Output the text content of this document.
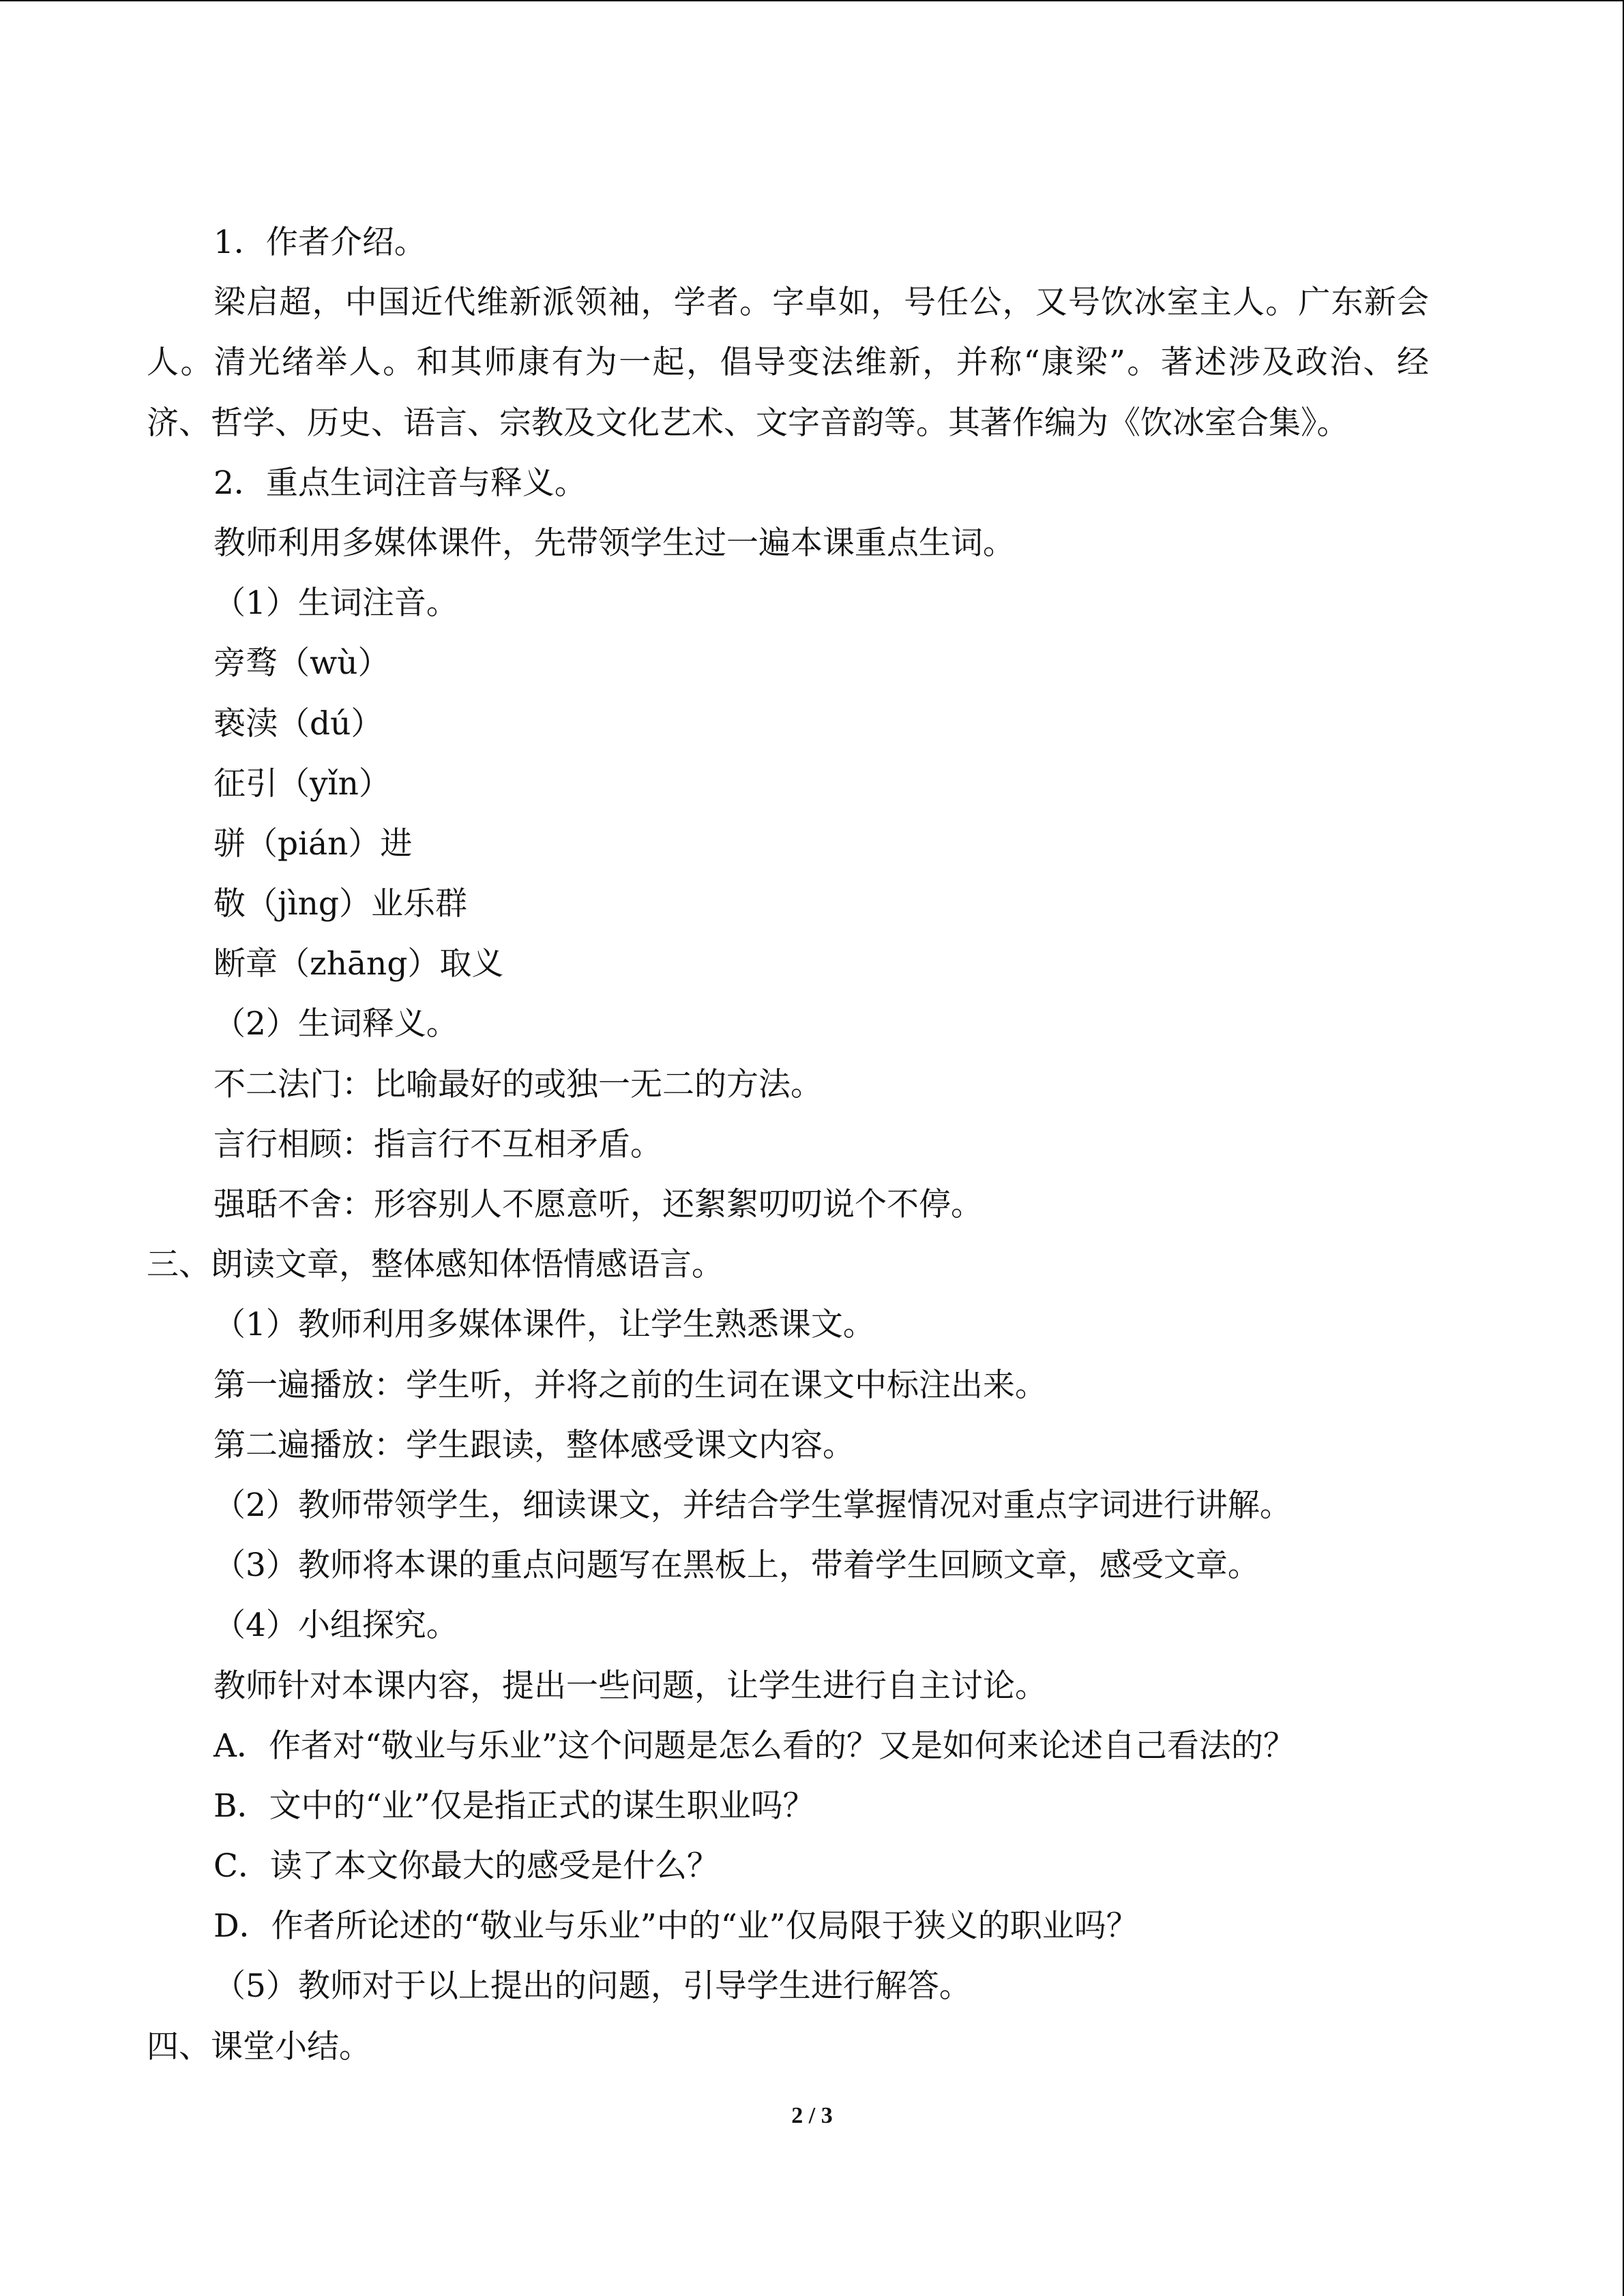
1．作者介绍。

梁启超，中国近代维新派领袖，学者。字卓如，号任公，又号饮冰室主人。广东新会人。清光绪举人。和其师康有为一起，倡导变法维新，并称“康梁”。著述涉及政治、经济、哲学、历史、语言、宗教及文化艺术、文字音韵等。其著作编为《饮冰室合集》。

2．重点生词注音与释义。

教师利用多媒体课件，先带领学生过一遍本课重点生词。

（1）生词注音。

旁骛（wù）

亵渎（dú）

征引（yǐn）

骈（pián）进

敬（jìng）业乐群

断章（zhāng）取义

（2）生词释义。

不二法门：比喻最好的或独一无二的方法。

言行相顾：指言行不互相矛盾。

强聒不舍：形容别人不愿意听，还絮絮叨叨说个不停。

三、朗读文章，整体感知体悟情感语言。

（1）教师利用多媒体课件，让学生熟悉课文。

第一遍播放：学生听，并将之前的生词在课文中标注出来。

第二遍播放：学生跟读，整体感受课文内容。

（2）教师带领学生，细读课文，并结合学生掌握情况对重点字词进行讲解。

（3）教师将本课的重点问题写在黑板上，带着学生回顾文章，感受文章。

（4）小组探究。

教师针对本课内容，提出一些问题，让学生进行自主讨论。

A．作者对“敬业与乐业”这个问题是怎么看的？又是如何来论述自己看法的？

B．文中的“业”仅是指正式的谋生职业吗？

C．读了本文你最大的感受是什么？

D．作者所论述的“敬业与乐业”中的“业”仅局限于狭义的职业吗？

（5）教师对于以上提出的问题，引导学生进行解答。

四、课堂小结。

2 / 3
